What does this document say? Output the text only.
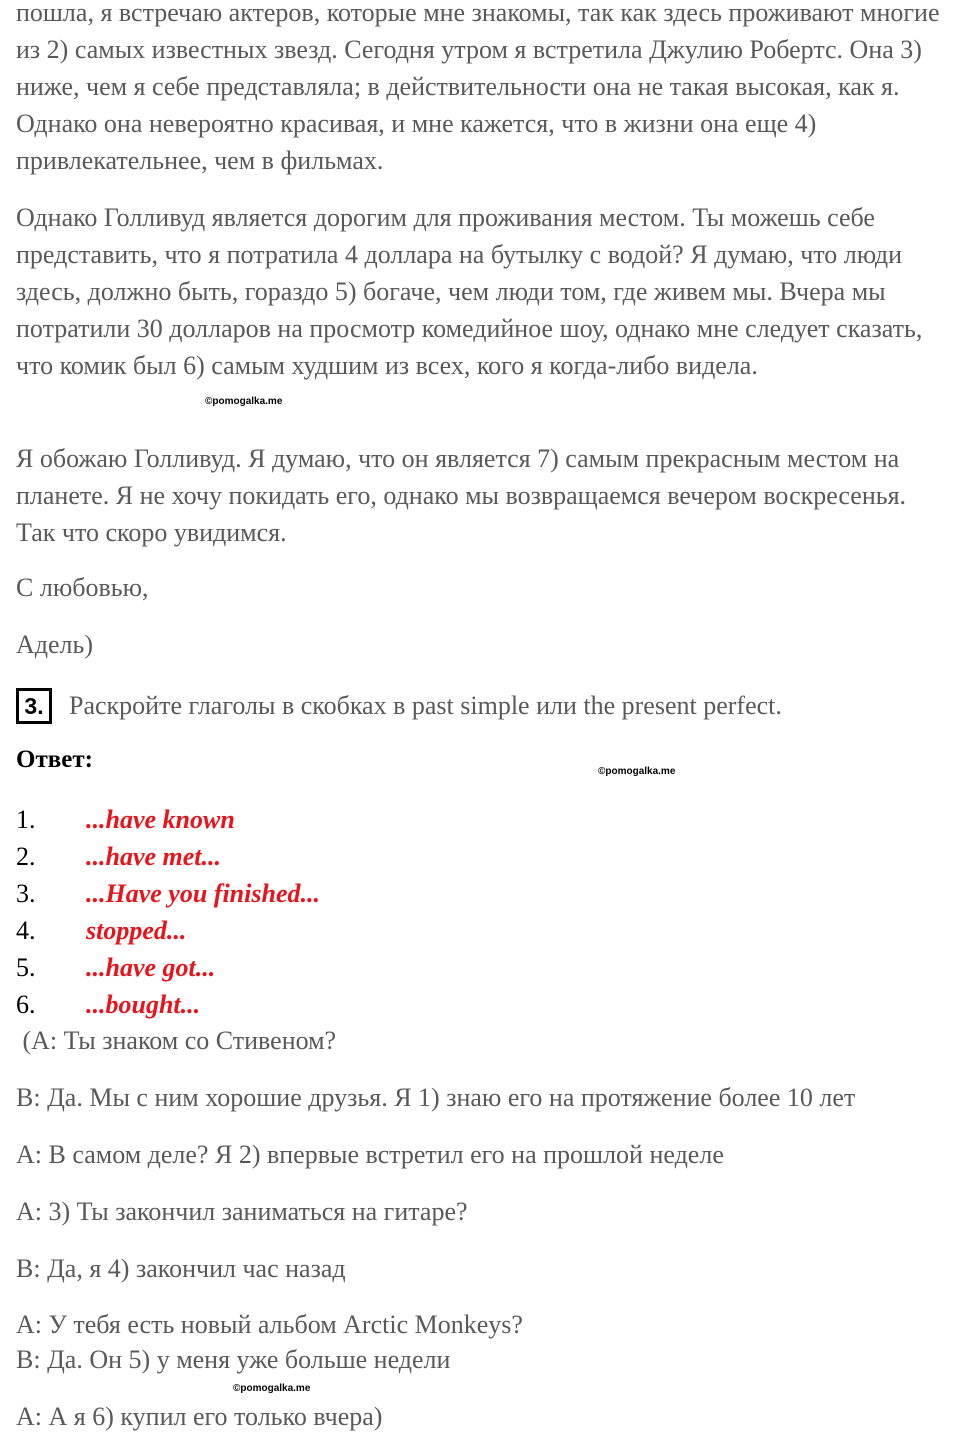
пошла, я встречаю актеров, которые мне знакомы, так как здесь проживают многие из 2) самых известных звезд. Сегодня утром я встретила Джулию Робертс. Она 3) ниже, чем я себе представляла; в действительности она не такая высокая, как я. Однако она невероятно красивая, и мне кажется, что в жизни она еще 4) привлекательнее, чем в фильмах.

Однако Голливуд является дорогим для проживания местом. Ты можешь себе представить, что я потратила 4 доллара на бутылку с водой? Я думаю, что люди здесь, должно быть, гораздо 5) богаче, чем люди том, где живем мы. Вчера мы потратили 30 долларов на просмотр комедийное шоу, однако мне следует сказать, что комик был 6) самым худшим из всех, кого я когда-либо видела.

Я обожаю Голливуд. Я думаю, что он является 7) самым прекрасным местом на планете. Я не хочу покидать его, однако мы возвращаемся вечером воскресенья. Так что скоро увидимся.

С любовью,

Адель)

3. Раскройте глаголы в скобках в past simple или the present perfect.
Ответ:
1.	...have known
2.	...have met...
3.	...Have you finished...
4.	stopped...
5.	...have got...
6.	...bought...
(А: Ты знаком со Стивеном?
В: Да. Мы с ним хорошие друзья. Я 1) знаю его на протяжение более 10 лет
А: В самом деле? Я 2) впервые встретил его на прошлой неделе
А: 3) Ты закончил заниматься на гитаре?
В: Да, я 4) закончил час назад
А: У тебя есть новый альбом Arctic Monkeys?
В: Да. Он 5) у меня уже больше недели
А: А я 6) купил его только вчера)
©pomogalka.me
©pomogalka.me
©pomogalka.me
